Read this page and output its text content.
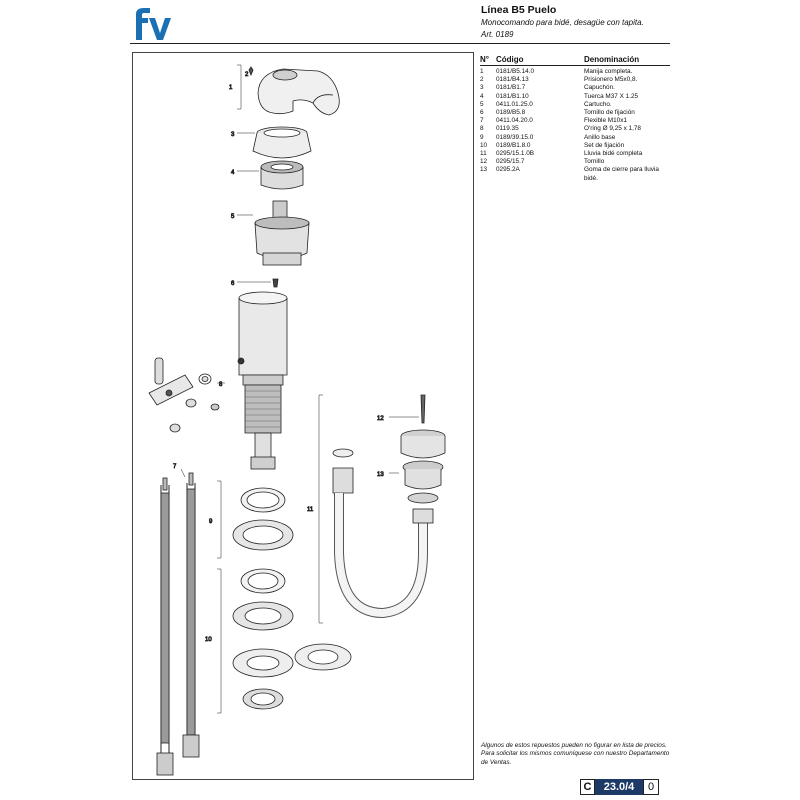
Línea B5 Puelo
Monocomando para bidé, desagüe con tapita.
Art. 0189
1
2
3
4
5
6
7
8
9
10
11
12
13
N° Código	Denominación
1	0181/B5.14.0	Manija completa.
2	0181/B4.13	Prisionero M5x0,8.
3	0181/B1.7	Capuchón.
4	0181/B1.10	Tuerca M37 X 1.25
5	0411.01.25.0	Cartucho.
6	0189/B5.8	Tornillo de fijación
7	0411.04.20.0	Flexible M10x1
8	0119.35	O'ring Ø 9,25 x 1,78
9	0189/39.15.0	Anillo base
10	0189/B1.8.0	Set de fijación
11	0295/15.1.0B	Lluvia bidé completa
12	0295/15.7	Tornillo
13	0295.2A	Goma de cierre para lluvia bidé.
Algunos de estos repuestos pueden no figurar en lista de precios. Para solicitar los mismos comuníquese con nuestro Departamento de Ventas.
C	23.0/4	0
